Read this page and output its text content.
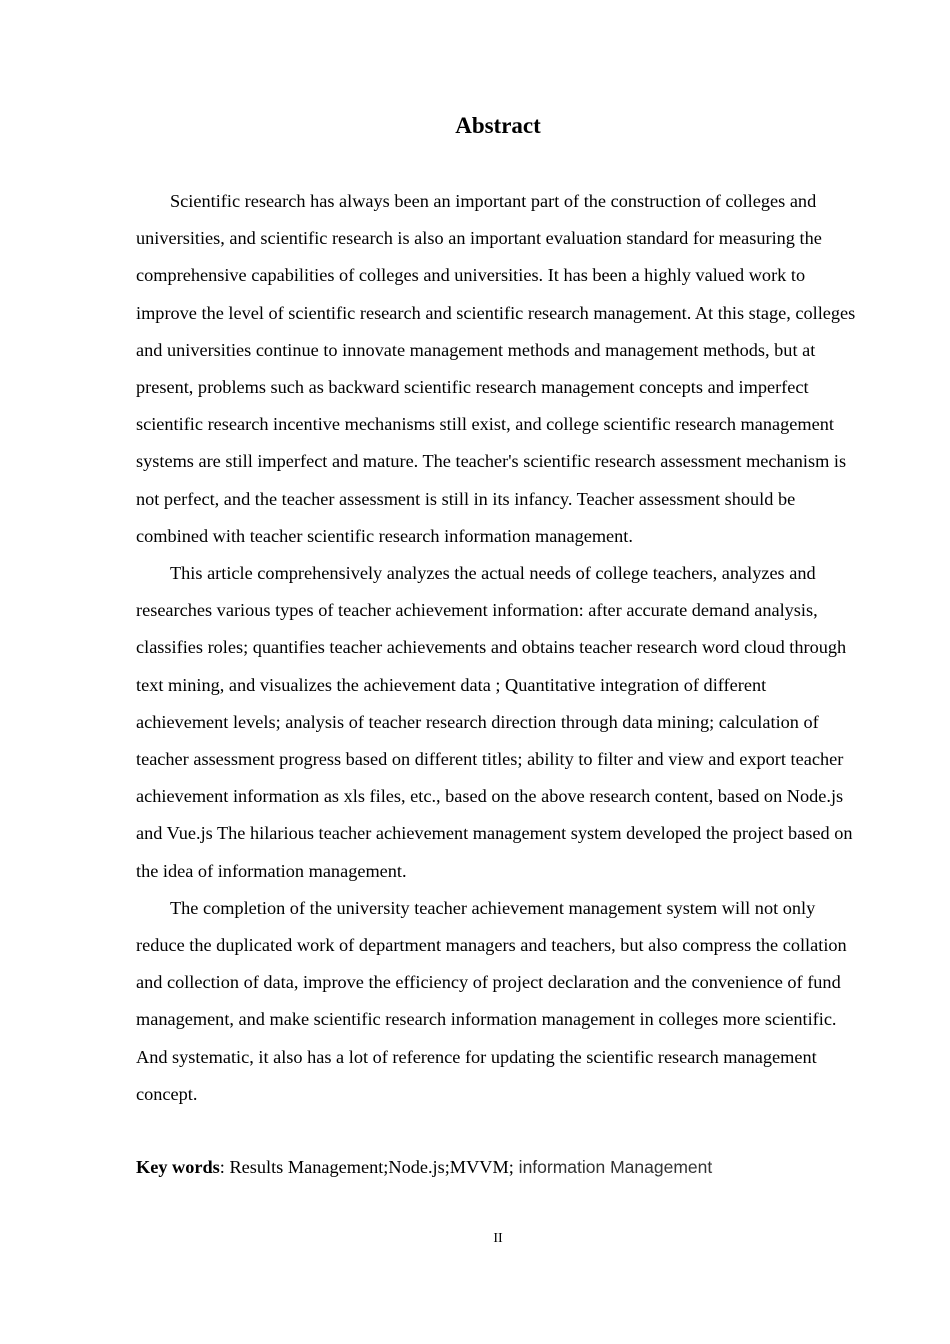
Abstract

Scientific research has always been an important part of the construction of colleges and universities, and scientific research is also an important evaluation standard for measuring the comprehensive capabilities of colleges and universities. It has been a highly valued work to improve the level of scientific research and scientific research management. At this stage, colleges and universities continue to innovate management methods and management methods, but at present, problems such as backward scientific research management concepts and imperfect scientific research incentive mechanisms still exist, and college scientific research management systems are still imperfect and mature. The teacher's scientific research assessment mechanism is not perfect, and the teacher assessment is still in its infancy. Teacher assessment should be combined with teacher scientific research information management.

This article comprehensively analyzes the actual needs of college teachers, analyzes and researches various types of teacher achievement information: after accurate demand analysis, classifies roles; quantifies teacher achievements and obtains teacher research word cloud through text mining, and visualizes the achievement data ; Quantitative integration of different achievement levels; analysis of teacher research direction through data mining; calculation of teacher assessment progress based on different titles; ability to filter and view and export teacher achievement information as xls files, etc., based on the above research content, based on Node.js and Vue.js The hilarious teacher achievement management system developed the project based on the idea of information management.

The completion of the university teacher achievement management system will not only reduce the duplicated work of department managers and teachers, but also compress the collation and collection of data, improve the efficiency of project declaration and the convenience of fund management, and make scientific research information management in colleges more scientific. And systematic, it also has a lot of reference for updating the scientific research management concept.

Key words: Results Management;Node.js;MVVM; information Management
II
